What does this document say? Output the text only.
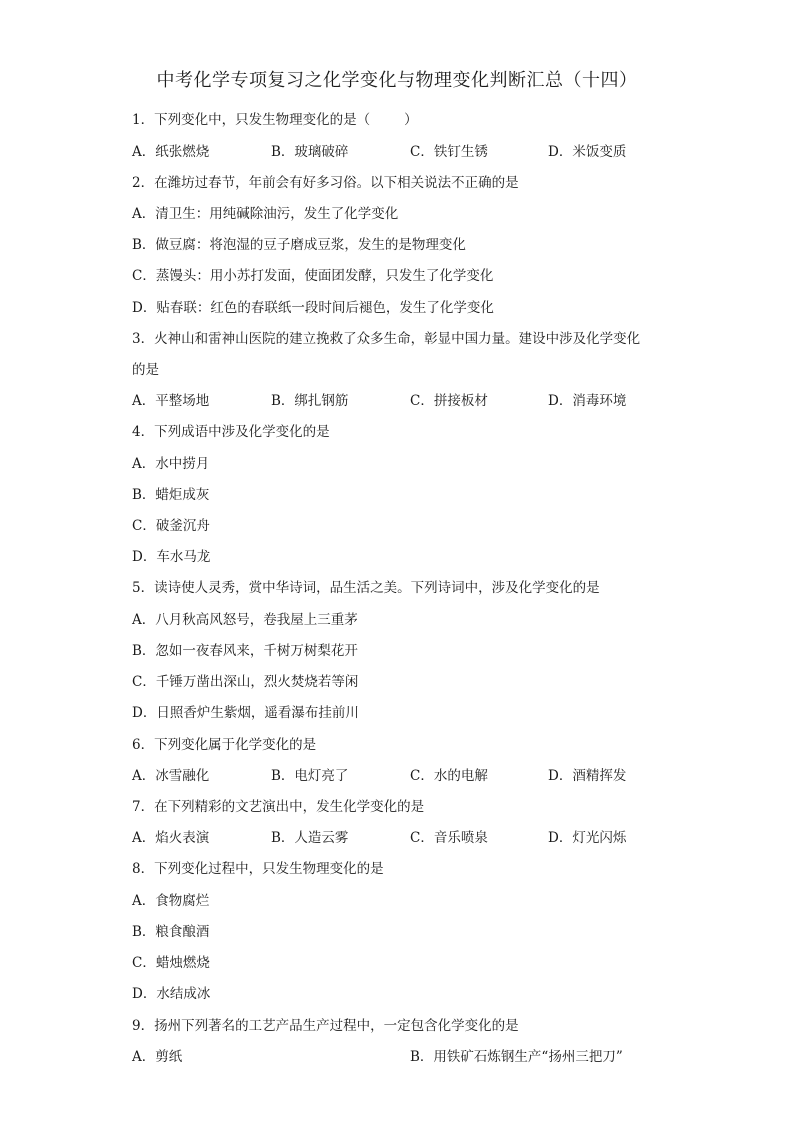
中考化学专项复习之化学变化与物理变化判断汇总（十四）
1．下列变化中，只发生物理变化的是（	）
A．纸张燃烧	B．玻璃破碎	C．铁钉生锈	D．米饭变质
2．在潍坊过春节，年前会有好多习俗。以下相关说法不正确的是
A．清卫生：用纯碱除油污，发生了化学变化
B．做豆腐：将泡湿的豆子磨成豆浆，发生的是物理变化
C．蒸馒头：用小苏打发面，使面团发酵，只发生了化学变化
D．贴春联：红色的春联纸一段时间后褪色，发生了化学变化
3．火神山和雷神山医院的建立挽救了众多生命，彰显中国力量。建设中涉及化学变化
的是
A．平整场地	B．绑扎钢筋	C．拼接板材	D．消毒环境
4．下列成语中涉及化学变化的是
A．水中捞月
B．蜡炬成灰
C．破釜沉舟
D．车水马龙
5．读诗使人灵秀，赏中华诗词，品生活之美。下列诗词中，涉及化学变化的是
A．八月秋高风怒号，卷我屋上三重茅
B．忽如一夜春风来，千树万树梨花开
C．千锤万凿出深山，烈火焚烧若等闲
D．日照香炉生紫烟，遥看瀑布挂前川
6．下列变化属于化学变化的是
A．冰雪融化	B．电灯亮了	C．水的电解	D．酒精挥发
7．在下列精彩的文艺演出中，发生化学变化的是
A．焰火表演	B．人造云雾	C．音乐喷泉	D．灯光闪烁
8．下列变化过程中，只发生物理变化的是
A．食物腐烂
B．粮食酿酒
C．蜡烛燃烧
D．水结成冰
9．扬州下列著名的工艺产品生产过程中，一定包含化学变化的是
A．剪纸	B．用铁矿石炼钢生产“扬州三把刀”
